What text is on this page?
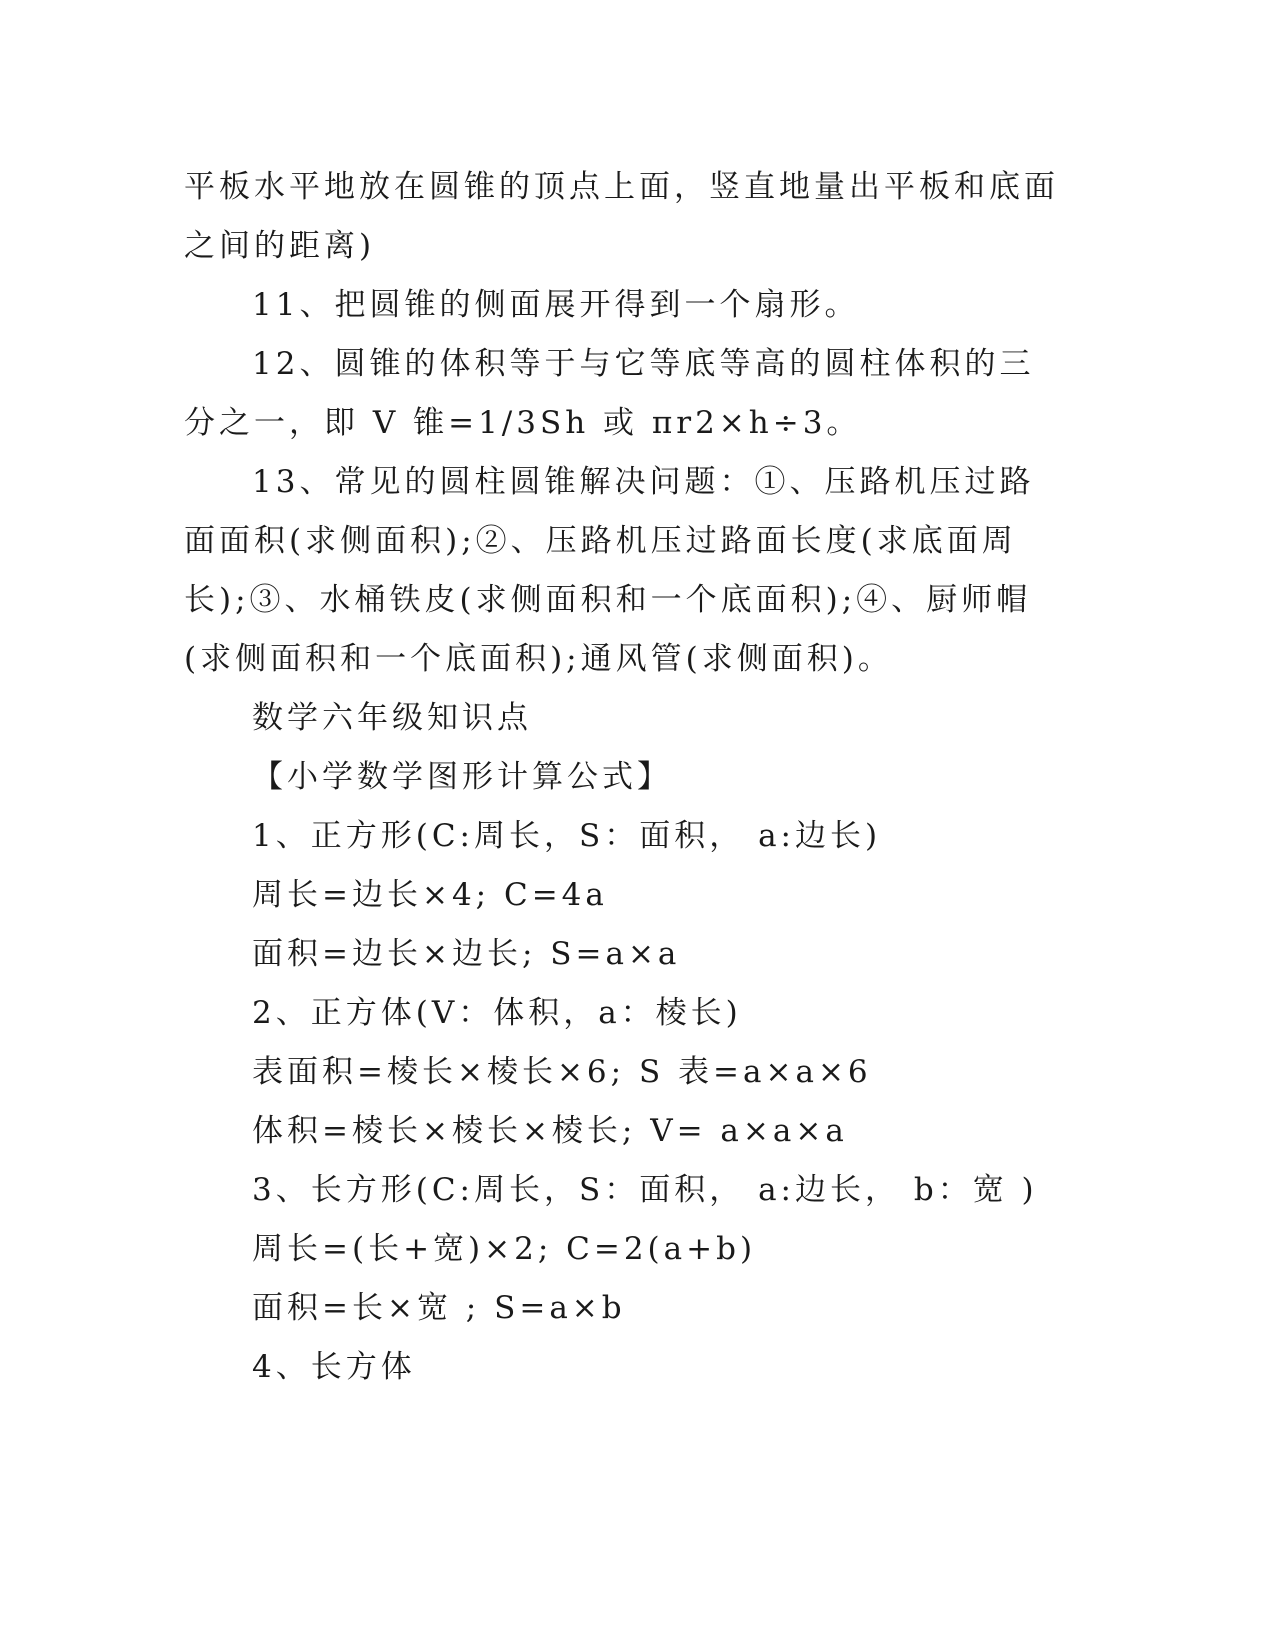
平板水平地放在圆锥的顶点上面，竖直地量出平板和底面之间的距离)

11、把圆锥的侧面展开得到一个扇形。

12、圆锥的体积等于与它等底等高的圆柱体积的三分之一，即 V 锥=1/3Sh 或 πr2×h÷3。

13、常见的圆柱圆锥解决问题：①、压路机压过路面面积(求侧面积);②、压路机压过路面长度(求底面周长);③、水桶铁皮(求侧面积和一个底面积);④、厨师帽(求侧面积和一个底面积);通风管(求侧面积)。

数学六年级知识点

【小学数学图形计算公式】

1、正方形(C:周长，S：面积， a:边长)

周长=边长×4; C=4a

面积=边长×边长; S=a×a

2、正方体(V：体积，a：棱长)

表面积=棱长×棱长×6; S 表=a×a×6

体积=棱长×棱长×棱长; V= a×a×a

3、长方形(C:周长，S：面积， a:边长， b：宽 )

周长=(长+宽)×2; C=2(a+b)

面积=长×宽 ; S=a×b

4、长方体
